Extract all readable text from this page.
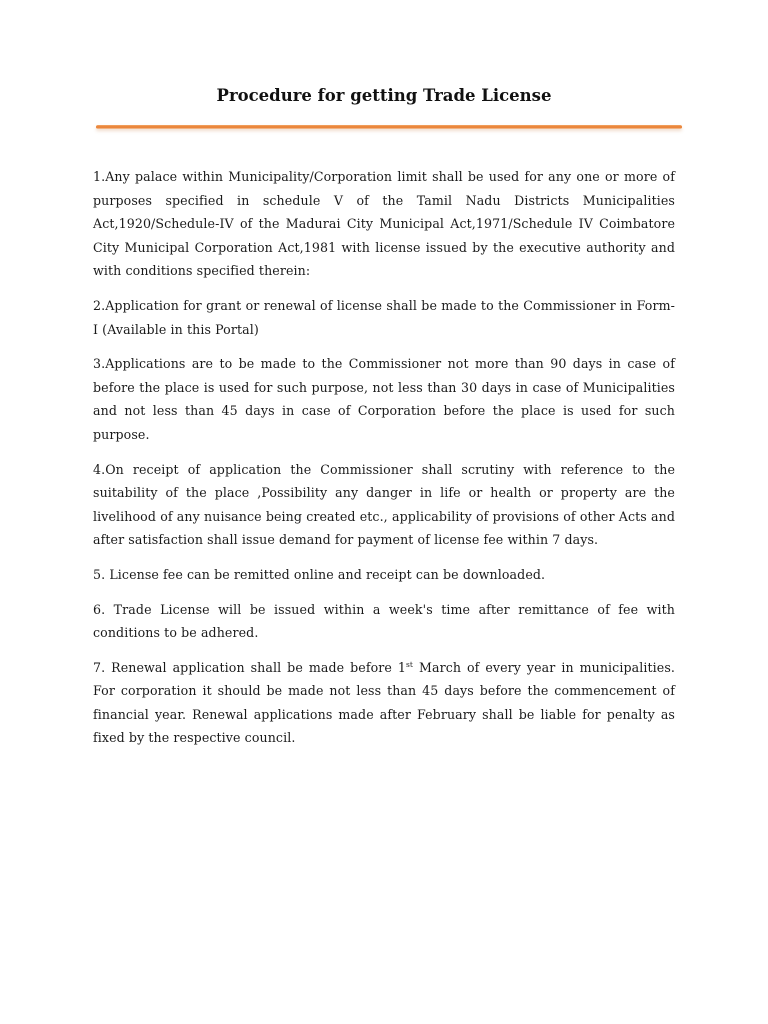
Procedure for getting Trade License

1.Any palace within Municipality/Corporation limit shall be used for any one or more of purposes specified in schedule V of the Tamil Nadu Districts Municipalities Act,1920/Schedule-IV of the Madurai City Municipal Act,1971/Schedule IV Coimbatore City Municipal Corporation Act,1981 with license issued by the executive authority and with conditions specified therein:

2.Application for grant or renewal of license shall be made to the Commissioner in Form-I (Available in this Portal)

3.Applications are to be made to the Commissioner not more than 90 days in case of before the place is used for such purpose, not less than 30 days in case of Municipalities and not less than 45 days in case of Corporation before the place is used for such purpose.

4.On receipt of application the Commissioner shall scrutiny with reference to the suitability of the place ,Possibility any danger in life or health or property are the livelihood of any nuisance being created etc., applicability of provisions of other Acts and after satisfaction shall issue demand for payment of license fee within 7 days.

5. License fee can be remitted online and receipt can be downloaded.

6. Trade License will be issued within a week's time after remittance of fee with conditions to be adhered.

7. Renewal application shall be made before 1st March of every year in municipalities. For corporation it should be made not less than 45 days before the commencement of financial year. Renewal applications made after February shall be liable for penalty as fixed by the respective council.
